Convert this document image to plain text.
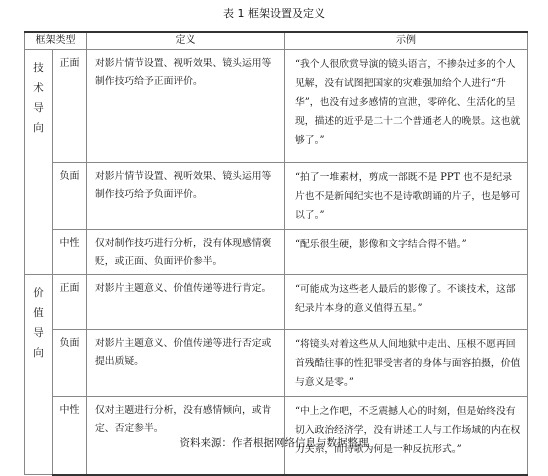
表 1 框架设置及定义
框架类型		定义	示例

技术导向	正面	对影片情节设置、视听效果、镜头运用等制作技巧给予正面评价。	“我个人很欣赏导演的镜头语言，不掺杂过多的个人见解，没有试图把国家的灾难强加给个人进行“升华”，也没有过多感情的宣泄，零碎化、生活化的呈现，描述的近乎是二十二个普通老人的晚景。这也就够了。”
	负面	对影片情节设置、视听效果、镜头运用等制作技巧给予负面评价。	“拍了一堆素材，剪成一部既不是 PPT 也不是纪录片也不是新闻纪实也不是诗歌朗诵的片子，也是够可以了。”
	中性	仅对制作技巧进行分析，没有体现感情褒贬，或正面、负面评价参半。	“配乐很生硬，影像和文字结合得不错。”

价值导向	正面	对影片主题意义、价值传递等进行肯定。	“可能成为这些老人最后的影像了。不谈技术，这部纪录片本身的意义值得五星。”
	负面	对影片主题意义、价值传递等进行否定或提出质疑。	“将镜头对着这些从人间地狱中走出、压根不愿再回首残酷往事的性犯罪受害者的身体与面容拍摄，价值与意义是零。”
	中性	仅对主题进行分析，没有感情倾向，或肯定、否定参半。	“中上之作吧，不乏震撼人心的时刻，但是始终没有切入政治经济学，没有讲述工人与工作场域的内在权力关系，而诗歌为何是一种反抗形式。”
资料来源：作者根据网络信息与数据整理
